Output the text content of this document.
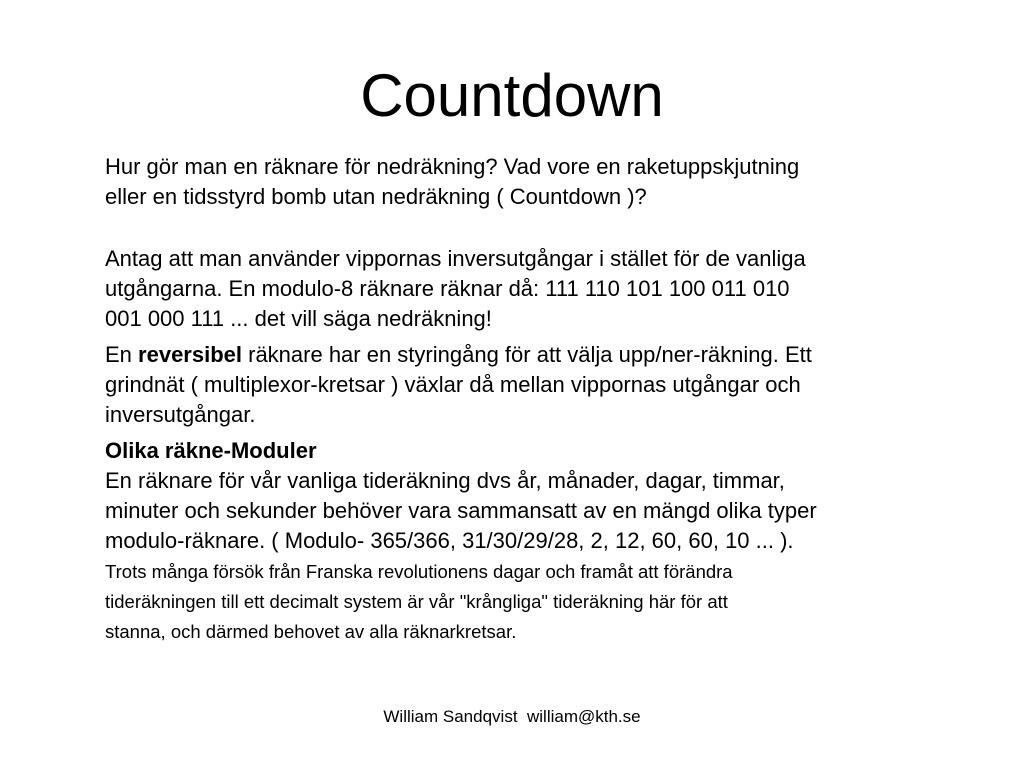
Countdown

Hur gör man en räknare för nedräkning? Vad vore en raketuppskjutning
eller en tidsstyrd bomb utan nedräkning ( Countdown )?

Antag att man använder vippornas inversutgångar i stället för de vanliga
utgångarna. En modulo-8 räknare räknar då: 111 110 101 100 011 010
001 000 111 ... det vill säga nedräkning!

En reversibel räknare har en styringång för att välja upp/ner-räkning. Ett
grindnät ( multiplexor-kretsar ) växlar då mellan vippornas utgångar och
inversutgångar.

Olika räkne-Moduler
En räknare för vår vanliga tideräkning dvs år, månader, dagar, timmar,
minuter och sekunder behöver vara sammansatt av en mängd olika typer
modulo-räknare. ( Modulo- 365/366, 31/30/29/28, 2, 12, 60, 60, 10 ... ).
Trots många försök från Franska revolutionens dagar och framåt att förändra
tideräkningen till ett decimalt system är vår "krångliga" tideräkning här för att
stanna, och därmed behovet av alla räknarkretsar.
William Sandqvist  william@kth.se
